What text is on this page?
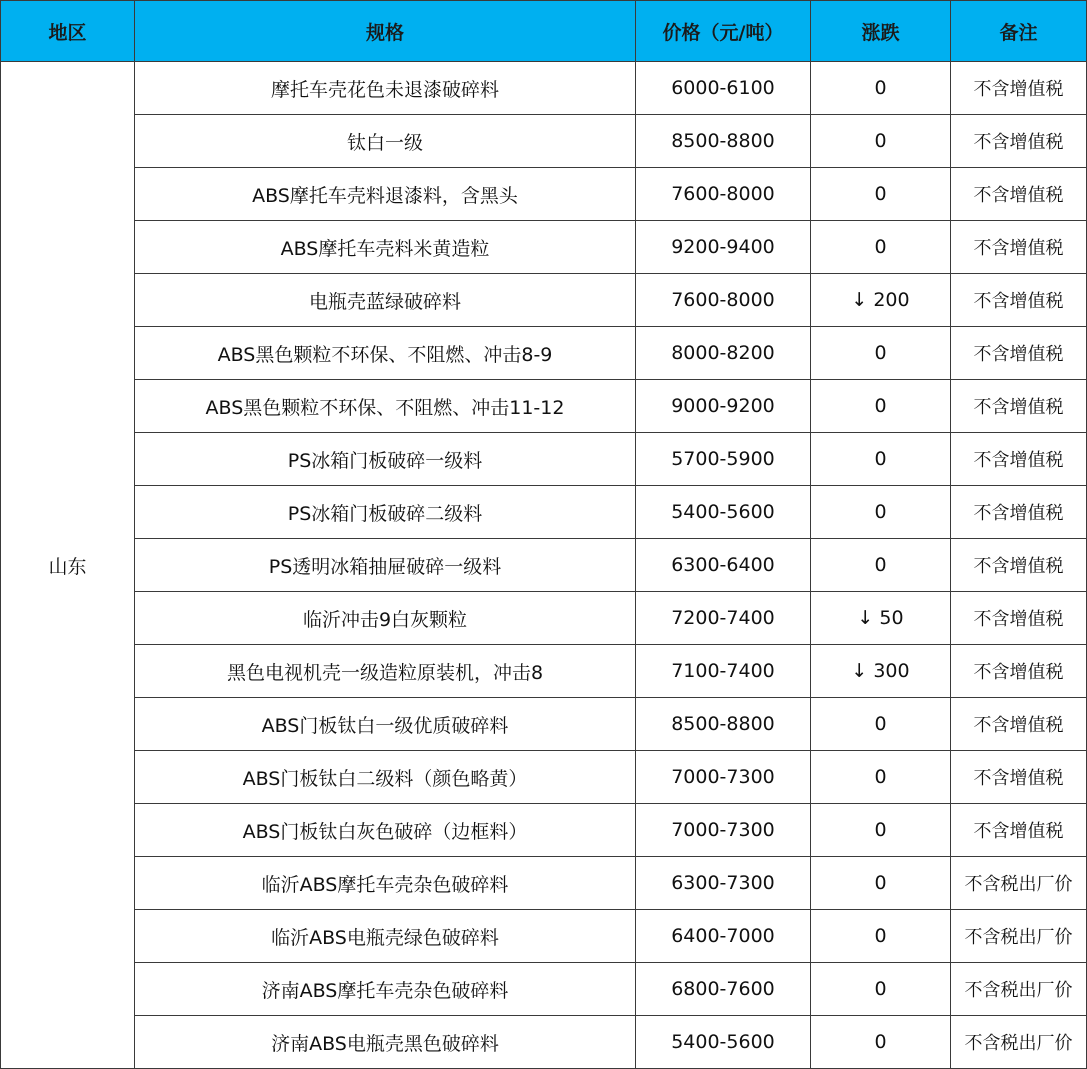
地区	规格	价格（元/吨）	涨跌	备注
山东	摩托车壳花色未退漆破碎料	6000-6100	0	不含增值税
	钛白一级	8500-8800	0	不含增值税
	ABS摩托车壳料退漆料，含黑头	7600-8000	0	不含增值税
	ABS摩托车壳料米黄造粒	9200-9400	0	不含增值税
	电瓶壳蓝绿破碎料	7600-8000	↓ 200	不含增值税
	ABS黑色颗粒不环保、不阻燃、冲击8-9	8000-8200	0	不含增值税
	ABS黑色颗粒不环保、不阻燃、冲击11-12	9000-9200	0	不含增值税
	PS冰箱门板破碎一级料	5700-5900	0	不含增值税
	PS冰箱门板破碎二级料	5400-5600	0	不含增值税
	PS透明冰箱抽屉破碎一级料	6300-6400	0	不含增值税
	临沂冲击9白灰颗粒	7200-7400	↓ 50	不含增值税
	黑色电视机壳一级造粒原装机，冲击8	7100-7400	↓ 300	不含增值税
	ABS门板钛白一级优质破碎料	8500-8800	0	不含增值税
	ABS门板钛白二级料（颜色略黄）	7000-7300	0	不含增值税
	ABS门板钛白灰色破碎（边框料）	7000-7300	0	不含增值税
	临沂ABS摩托车壳杂色破碎料	6300-7300	0	不含税出厂价
	临沂ABS电瓶壳绿色破碎料	6400-7000	0	不含税出厂价
	济南ABS摩托车壳杂色破碎料	6800-7600	0	不含税出厂价
	济南ABS电瓶壳黑色破碎料	5400-5600	0	不含税出厂价
